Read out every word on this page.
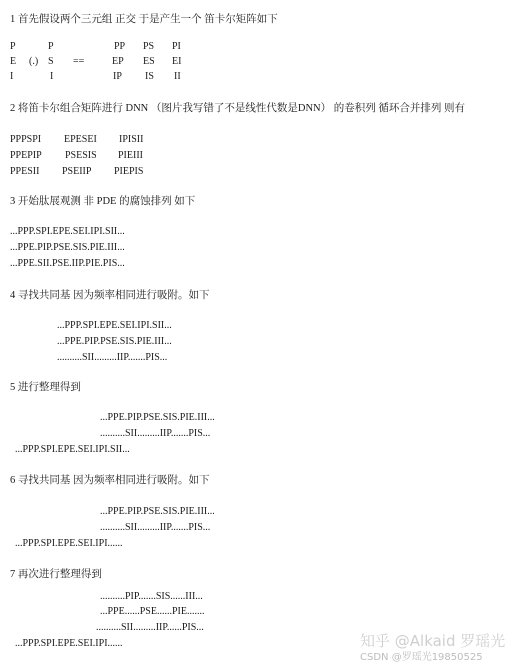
1 首先假设两个三元组 正交 于是产生一个 笛卡尔矩阵如下
P	P	PP PS PI
E (.) S ==	EP ES EI
I	I	IP IS II
2 将笛卡尔组合矩阵进行 DNN （图片我写错了不是线性代数是DNN） 的卷积列 循环合并排列 则有
PPPSPI EPESEI IPISII
PPEPIP PSESIS PIEIII
PPESII PSEIIP PIEPIS
3 开始肽展观测 非 PDE 的腐蚀排列 如下
...PPP.SPI.EPE.SEI.IPI.SII...
...PPE.PIP.PSE.SIS.PIE.III...
...PPE.SII.PSE.IIP.PIE.PIS...
4 寻找共同基 因为频率相同进行吸附。如下
...PPP.SPI.EPE.SEI.IPI.SII...
...PPE.PIP.PSE.SIS.PIE.III...
..........SII.........IIP.......PIS...
5 进行整理得到
...PPE.PIP.PSE.SIS.PIE.III...
..........SII.........IIP.......PIS...
...PPP.SPI.EPE.SEI.IPI.SII...
6 寻找共同基 因为频率相同进行吸附。如下
...PPE.PIP.PSE.SIS.PIE.III...
..........SII.........IIP.......PIS...
...PPP.SPI.EPE.SEI.IPI......
7 再次进行整理得到
..........PIP.......SIS......III...
...PPE......PSE......PIE.......
..........SII.........IIP......PIS...
...PPP.SPI.EPE.SEI.IPI......	知乎 @Alkaid 罗瑶光
CSDN @罗瑶光19850525
